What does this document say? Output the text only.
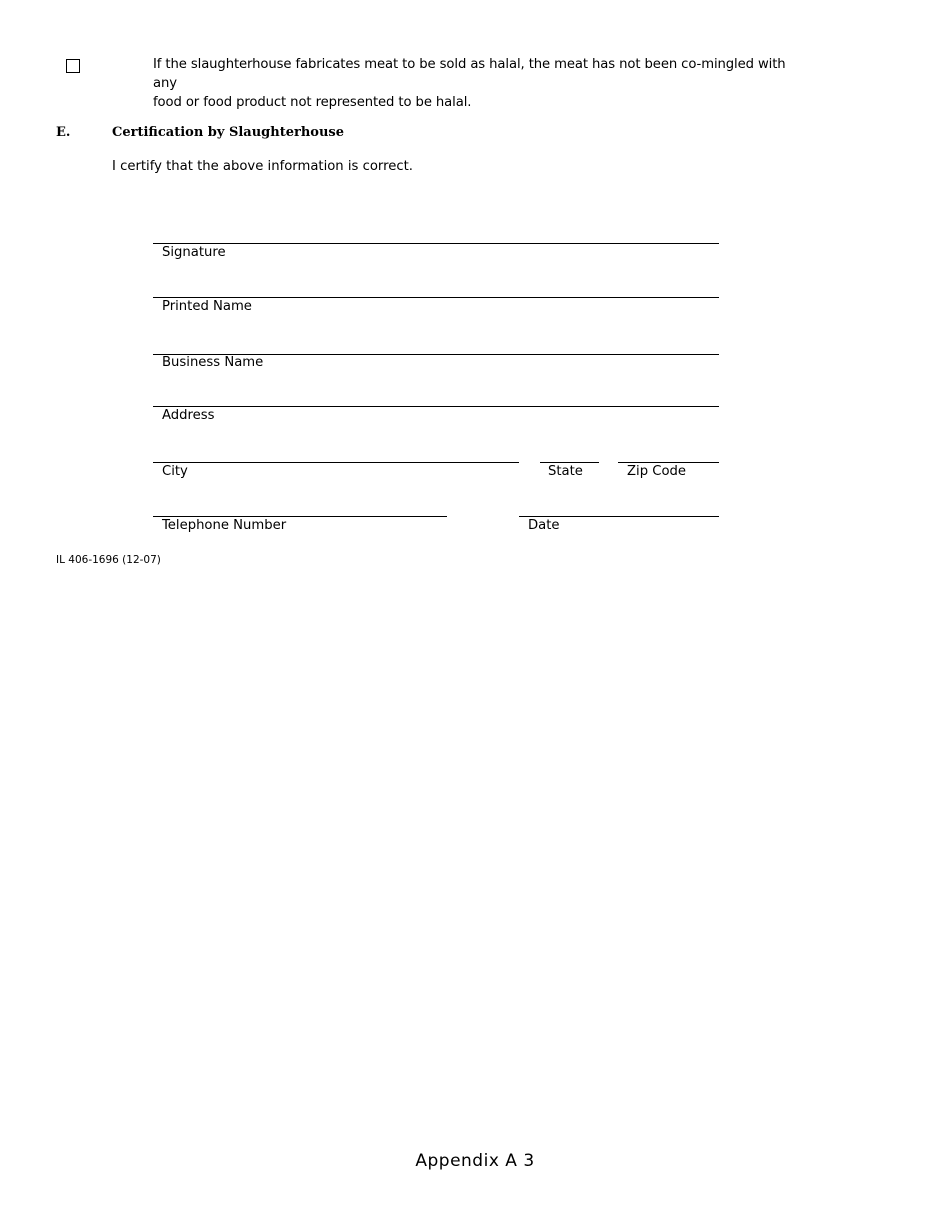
If the slaughterhouse fabricates meat to be sold as halal, the meat has not been co-mingled with any
food or food product not represented to be halal.
E.	Certification by Slaughterhouse
I certify that the above information is correct.
Signature
Printed Name
Business Name
Address
City	State	Zip Code
Telephone Number	Date
IL 406-1696 (12-07)
Appendix A 3
